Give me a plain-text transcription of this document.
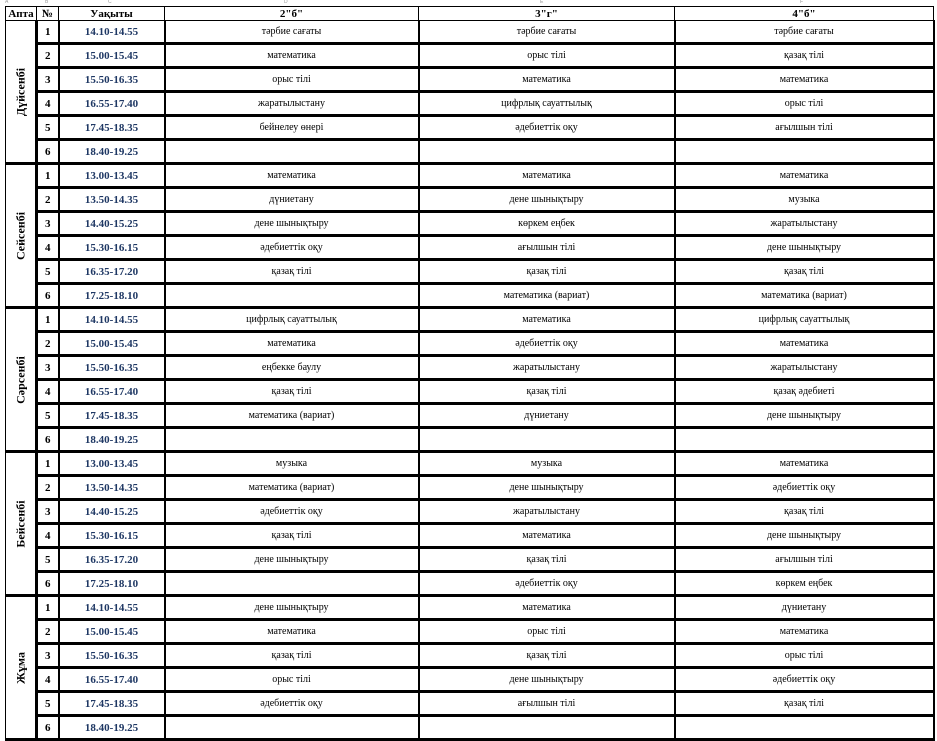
A	B	C	D	E	F
Апта	№	Уақыты	2"б"	3"г"	4"б"

Дүйсенбі	1	14.10-14.55	тәрбие сағаты	тәрбие сағаты	тәрбие сағаты
	2	15.00-15.45	математика	орыс тілі	қазақ тілі
	3	15.50-16.35	орыс тілі	математика	математика
	4	16.55-17.40	жаратылыстану	цифрлық сауаттылық	орыс тілі
	5	17.45-18.35	бейнелеу өнері	әдебиеттік оқу	ағылшын тілі
	6	18.40-19.25			

Сейсенбі	1	13.00-13.45	математика	математика	математика
	2	13.50-14.35	дүниетану	дене шынықтыру	музыка
	3	14.40-15.25	дене шынықтыру	көркем еңбек	жаратылыстану
	4	15.30-16.15	әдебиеттік оқу	ағылшын тілі	дене шынықтыру
	5	16.35-17.20	қазақ тілі	қазақ тілі	қазақ тілі
	6	17.25-18.10		математика (вариат)	математика (вариат)

Сәрсенбі	1	14.10-14.55	цифрлық сауаттылық	математика	цифрлық сауаттылық
	2	15.00-15.45	математика	әдебиеттік оқу	математика
	3	15.50-16.35	еңбекке баулу	жаратылыстану	жаратылыстану
	4	16.55-17.40	қазақ тілі	қазақ тілі	қазақ әдебиеті
	5	17.45-18.35	математика (вариат)	дүниетану	дене шынықтыру
	6	18.40-19.25			

Бейсенбі	1	13.00-13.45	музыка	музыка	математика
	2	13.50-14.35	математика (вариат)	дене шынықтыру	әдебиеттік оқу
	3	14.40-15.25	әдебиеттік оқу	жаратылыстану	қазақ тілі
	4	15.30-16.15	қазақ тілі	математика	дене шынықтыру
	5	16.35-17.20	дене шынықтыру	қазақ тілі	ағылшын тілі
	6	17.25-18.10		әдебиеттік оқу	көркем еңбек

Жұма	1	14.10-14.55	дене шынықтыру	математика	дүниетану
	2	15.00-15.45	математика	орыс тілі	математика
	3	15.50-16.35	қазақ тілі	қазақ тілі	орыс тілі
	4	16.55-17.40	орыс тілі	дене шынықтыру	әдебиеттік оқу
	5	17.45-18.35	әдебиеттік оқу	ағылшын тілі	қазақ тілі
	6	18.40-19.25			
